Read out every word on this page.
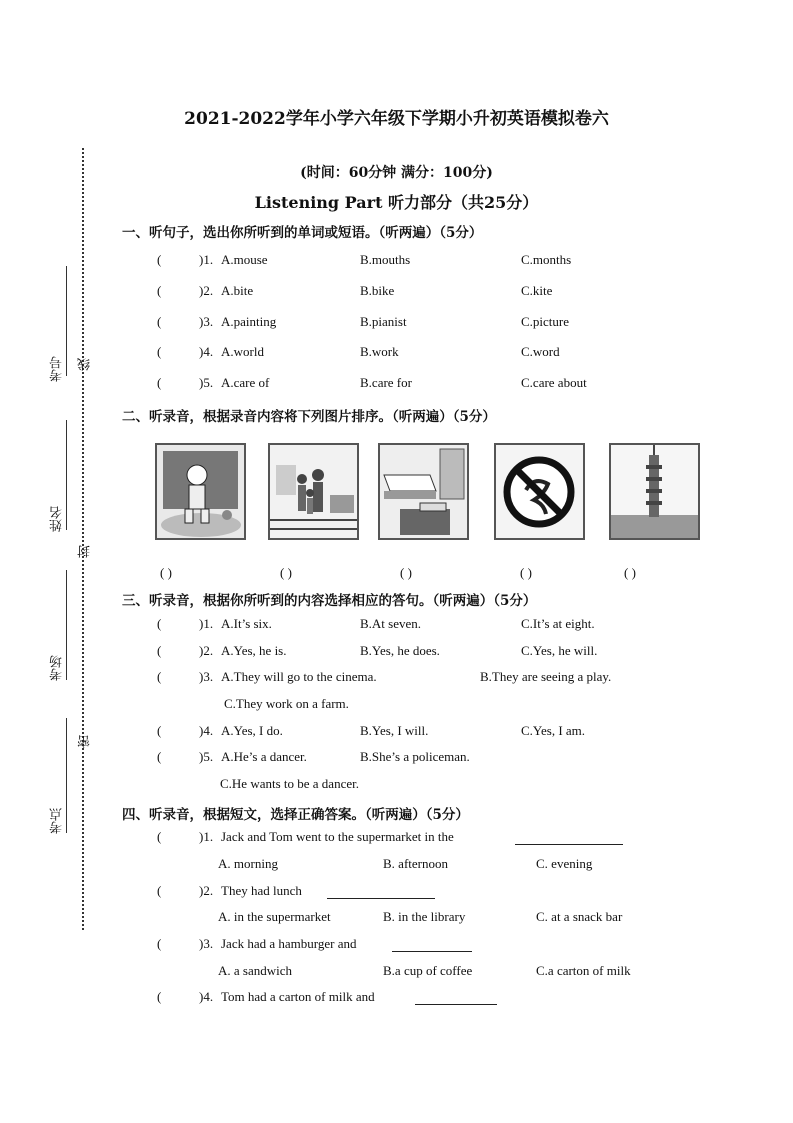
考号 线
姓名
封
考场
密
考点
2021-2022学年小学六年级下学期小升初英语模拟卷六
(时间：60分钟 满分：100分)
Listening Part 听力部分（共25分）
一、听句子，选出你所听到的单词或短语。（听两遍）（5分）
(	)1. A.mouse	B.mouths	C.months
(	)2. A.bite	B.bike	C.kite
(	)3. A.painting	B.pianist	C.picture
(	)4. A.world	B.work	C.word
(	)5. A.care of	B.care for	C.care about
二、听录音，根据录音内容将下列图片排序。（听两遍）（5分）
( )	( )	( )	( )	( )
三、听录音，根据你所听到的内容选择相应的答句。（听两遍）（5分）
(	)1. A.It’s six.	B.At seven.	C.It’s at eight.
(	)2. A.Yes, he is.	B.Yes, he does.	C.Yes, he will.
(	)3. A.They will go to the cinema.	B.They are seeing a play.
C.They work on a farm.
(	)4. A.Yes, I do.	B.Yes, I will.	C.Yes, I am.
(	)5. A.He’s a dancer.	B.She’s a policeman.
C.He wants to be a dancer.
四、听录音，根据短文，选择正确答案。（听两遍）（5分）
(	)1. Jack and Tom went to the supermarket in the
A. morning	B. afternoon	C. evening
(	)2. They had lunch
A. in the supermarket	B. in the library	C. at a snack bar
(	)3. Jack had a hamburger and
A. a sandwich	B.a cup of coffee	C.a carton of milk
(	)4. Tom had a carton of milk and
